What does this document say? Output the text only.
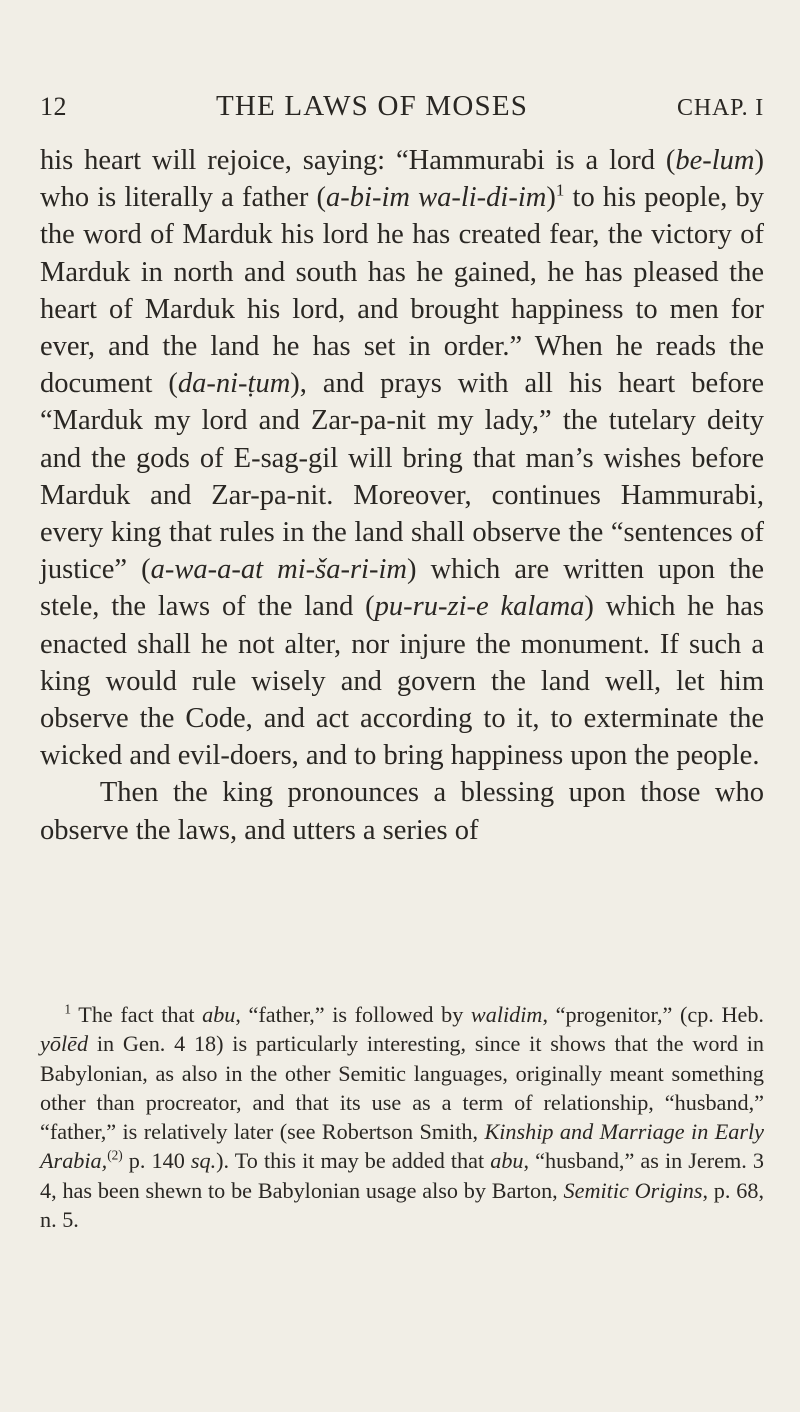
12	THE LAWS OF MOSES	CHAP. I

his heart will rejoice, saying: “Hammurabi is a lord (be-lum) who is literally a father (a-bi-im wa-li-di-im)$^1$ to his people, by the word of Marduk his lord he has created fear, the victory of Marduk in north and south has he gained, he has pleased the heart of Marduk his lord, and brought happiness to men for ever, and the land he has set in order.” When he reads the document (da-ni-ṭum), and prays with all his heart before “Marduk my lord and Zar-pa-nit my lady,” the tutelary deity and the gods of E-sag-gil will bring that man’s wishes before Marduk and Zar-pa-nit. Moreover, continues Hammurabi, every king that rules in the land shall observe the “sentences of justice” (a-wa-a-at mi-ša-ri-im) which are written upon the stele, the laws of the land (pu-ru-zi-e kalama) which he has enacted shall he not alter, nor injure the monument. If such a king would rule wisely and govern the land well, let him observe the Code, and act according to it, to exterminate the wicked and evil-doers, and to bring happiness upon the people.

Then the king pronounces a blessing upon those who observe the laws, and utters a series of

$^1$ The fact that abu, “father,” is followed by walidim, “progenitor,” (cp. Heb. yōlēd in Gen. 4 18) is particularly interesting, since it shows that the word in Babylonian, as also in the other Semitic languages, originally meant something other than procreator, and that its use as a term of relationship, “husband,” “father,” is relatively later (see Robertson Smith, Kinship and Marriage in Early Arabia,$^{(2)}$ p. 140 sq.). To this it may be added that abu, “husband,” as in Jerem. 3 4, has been shewn to be Babylonian usage also by Barton, Semitic Origins, p. 68, n. 5.
